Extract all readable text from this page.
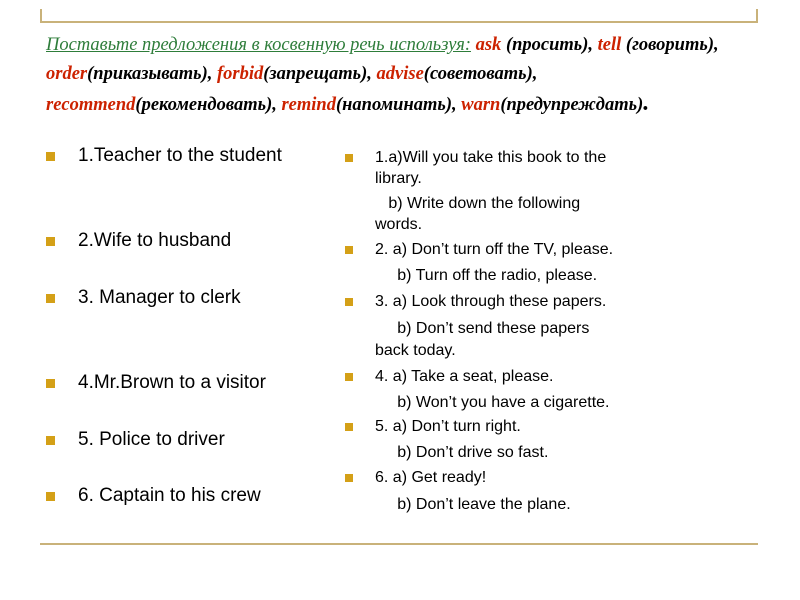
Поставьте предложения в косвенную речь используя: ask (просить), tell (говорить), order(приказывать), forbid(запрещать), advise(советовать), recommend(рекомендовать), remind(напоминать), warn(предупреждать).
1.Teacher to the student
2.Wife to husband
3. Manager to clerk
4.Mr.Brown to a visitor
5. Police to driver
6. Captain to his crew
1.a)Will you take this book to the
library.
b) Write down the following
words.
2. a) Don’t turn off the TV, please.
b) Turn off the radio, please.
3. a) Look through these papers.
b) Don’t send these papers
back today.
4. a) Take a seat, please.
b) Won’t you have a cigarette.
5. a) Don’t turn right.
b) Don’t drive so fast.
6. a) Get ready!
b) Don’t leave the plane.
